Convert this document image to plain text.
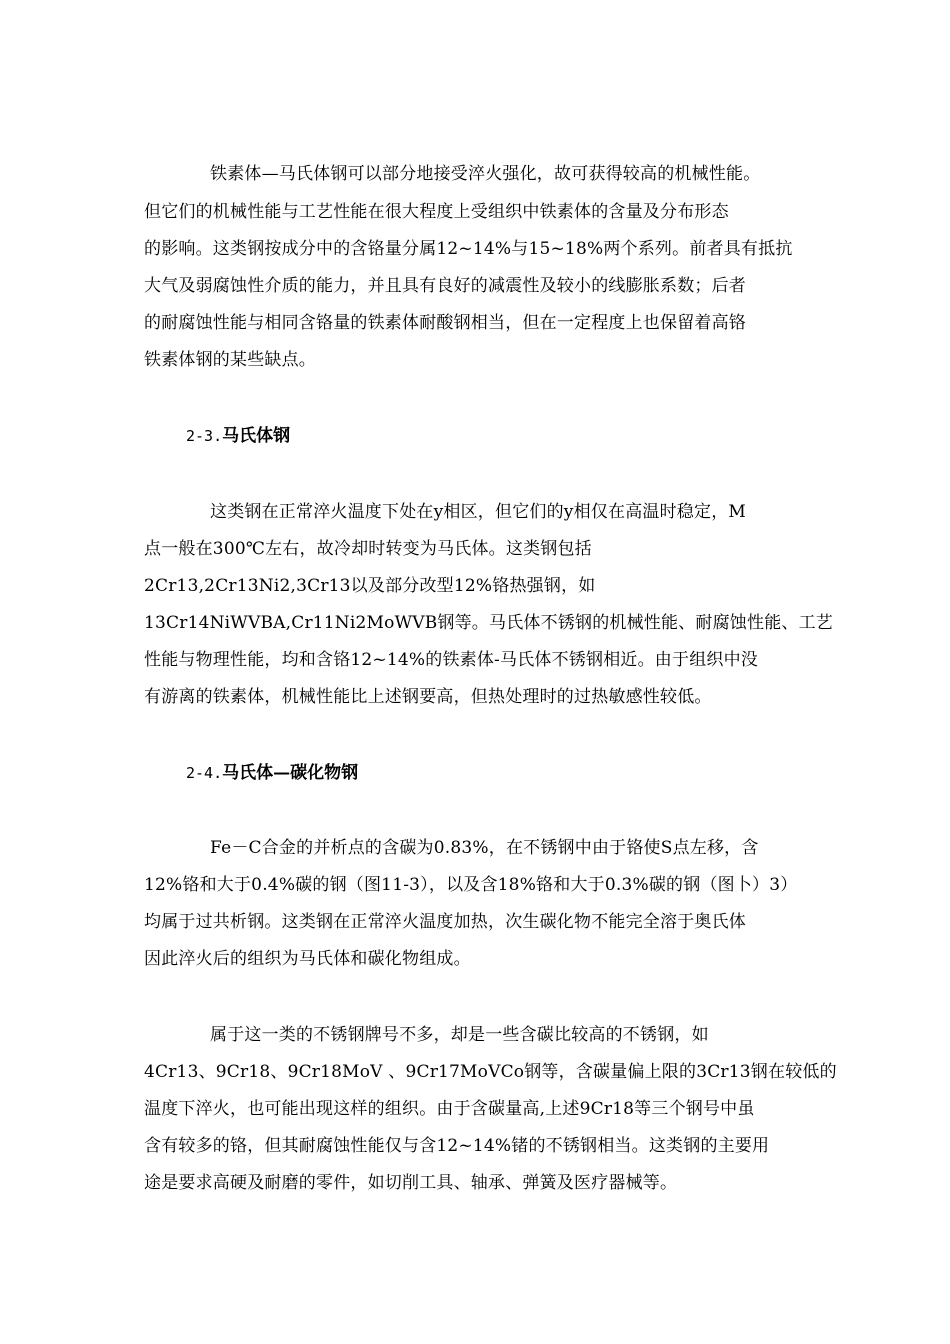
铁素体—马氏体钢可以部分地接受淬火强化，故可获得较高的机械性能。
但它们的机械性能与工艺性能在很大程度上受组织中铁素体的含量及分布形态
的影响。这类钢按成分中的含铬量分属12~14%与15~18%两个系列。前者具有抵抗
大气及弱腐蚀性介质的能力，并且具有良好的减震性及较小的线膨胀系数；后者
的耐腐蚀性能与相同含铬量的铁素体耐酸钢相当，但在一定程度上也保留着高铬
铁素体钢的某些缺点。
2-3.马氏体钢
这类钢在正常淬火温度下处在y相区，但它们的y相仅在高温时稳定，M
点一般在300℃左右，故冷却时转变为马氏体。这类钢包括
2Cr13,2Cr13Ni2,3Cr13以及部分改型12%铬热强钢，如
13Cr14NiWVBA,Cr11Ni2MoWVB钢等。马氏体不锈钢的机械性能、耐腐蚀性能、工艺
性能与物理性能，均和含铬12~14%的铁素体-马氏体不锈钢相近。由于组织中没
有游离的铁素体，机械性能比上述钢要高，但热处理时的过热敏感性较低。
2-4.马氏体—碳化物钢
Fe－C合金的并析点的含碳为0.83%，在不锈钢中由于铬使S点左移，含
12%铬和大于0.4%碳的钢（图11-3），以及含18%铬和大于0.3%碳的钢（图卜）3）
均属于过共析钢。这类钢在正常淬火温度加热，次生碳化物不能完全溶于奥氏体
因此淬火后的组织为马氏体和碳化物组成。
属于这一类的不锈钢牌号不多，却是一些含碳比较高的不锈钢，如
4Cr13、9Cr18、9Cr18MoV 、9Cr17MoVCo钢等，含碳量偏上限的3Cr13钢在较低的
温度下淬火，也可能出现这样的组织。由于含碳量高,上述9Cr18等三个钢号中虽
含有较多的铬，但其耐腐蚀性能仅与含12~14%锗的不锈钢相当。这类钢的主要用
途是要求高硬及耐磨的零件，如切削工具、轴承、弹簧及医疗器械等。
